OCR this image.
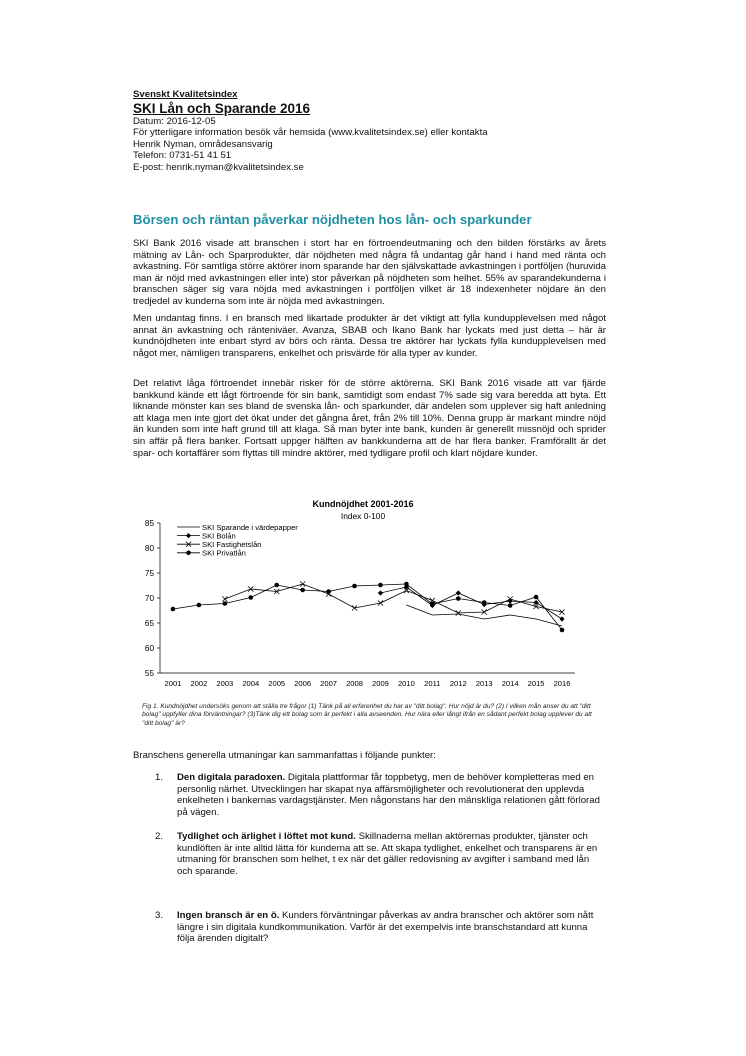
Svenskt Kvalitetsindex
SKI Lån och Sparande 2016
Datum: 2016-12-05
För ytterligare information besök vår hemsida (www.kvalitetsindex.se) eller kontakta
Henrik Nyman, områdesansvarig
Telefon: 0731-51 41 51
E-post: henrik.nyman@kvalitetsindex.se
Börsen och räntan påverkar nöjdheten hos lån- och sparkunder

SKI Bank 2016 visade att branschen i stort har en förtroendeutmaning och den bilden förstärks av årets mätning av Lån- och Sparprodukter, där nöjdheten med några få undantag går hand i hand med ränta och avkastning. För samtliga större aktörer inom sparande har den självskattade avkastningen i portföljen (huruvida man är nöjd med avkastningen eller inte) stor påverkan på nöjdheten som helhet. 55% av sparandekunderna i branschen säger sig vara nöjda med avkastningen i portföljen vilket är 18 indexenheter nöjdare än den tredjedel av kunderna som inte är nöjda med avkastningen.

Men undantag finns. I en bransch med likartade produkter är det viktigt att fylla kundupplevelsen med något annat än avkastning och ränteniväer. Avanza, SBAB och Ikano Bank har lyckats med just detta – här är kundnöjdheten inte enbart styrd av börs och ränta. Dessa tre aktörer har lyckats fylla kundupplevelsen med något mer, nämligen transparens, enkelhet och prisvärde för alla typer av kunder.

Det relativt låga förtroendet innebär risker för de större aktörerna. SKI Bank 2016 visade att var fjärde bankkund kände ett lågt förtroende för sin bank, samtidigt som endast 7% sade sig vara beredda att byta. Ett liknande mönster kan ses bland de svenska lån- och sparkunder, där andelen som upplever sig haft anledning att klaga men inte gjort det ökat under det gångna året, från 2% till 10%. Denna grupp är markant mindre nöjd än kunden som inte haft grund till att klaga. Så man byter inte bank, kunden är generellt missnöjd och sprider sin affär på flera banker. Fortsatt uppger hälften av bankkunderna att de har flera banker. Framförallt är det spar- och kortaffärer som flyttas till mindre aktörer, med tydligare profil och klart nöjdare kunder.

Kundnöjdhet 2001-2016
Index 0-100
55
60
65
70
75
80
85
2001 2002 2003 2004 2005 2006 2007 2008 2009 2010 2011 2012 2013 2014 2015 2016
SKI Sparande i värdepapper
SKI Bolån
SKI Fastighetslån
SKI Privatlån
Fig 1. Kundnöjdhet undersöks genom att ställa tre frågor (1) Tänk på all erfarenhet du har av "ditt bolag". Hur nöjd är du? (2) I vilken mån anser du att "ditt bolag" uppfyller dina förväntningar? (3)Tänk dig ett bolag som är perfekt i alla avseenden. Hur nära eller långt ifrån en sådant perfekt bolag upplever du att "ditt bolag" är?
Branschens generella utmaningar kan sammanfattas i följande punkter:
1. Den digitala paradoxen. Digitala plattformar får toppbetyg, men de behöver kompletteras med en personlig närhet. Utvecklingen har skapat nya affärsmöjligheter och revolutionerat den upplevda enkelheten i bankernas vardagstjänster. Men någonstans har den mänskliga relationen gått förlorad på vägen.
2. Tydlighet och ärlighet i löftet mot kund. Skillnaderna mellan aktörernas produkter, tjänster och kundlöften är inte alltid lätta för kunderna att se. Att skapa tydlighet, enkelhet och transparens är en utmaning för branschen som helhet, t ex när det gäller redovisning av avgifter i samband med lån och sparande.
3. Ingen bransch är en ö. Kunders förväntningar påverkas av andra branscher och aktörer som nått längre i sin digitala kundkommunikation. Varför är det exempelvis inte branschstandard att kunna följa ärenden digitalt?
